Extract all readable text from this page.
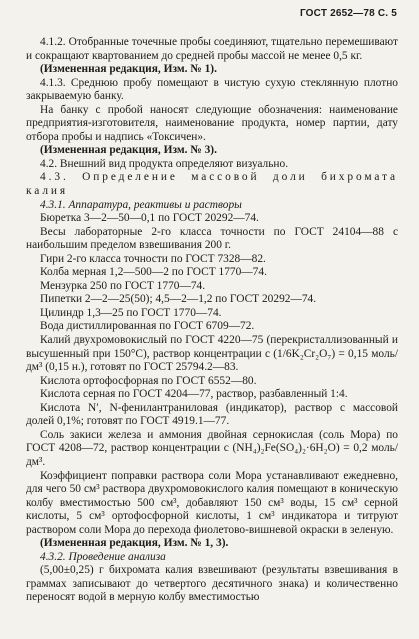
ГОСТ 2652—78 С. 5

4.1.2. Отобранные точечные пробы соединяют, тщательно перемешивают и сокращают квартованием до средней пробы массой не менее 0,5 кг.

(Измененная редакция, Изм. № 1).

4.1.3. Среднюю пробу помещают в чистую сухую стеклянную плотно закрываемую банку.

На банку с пробой наносят следующие обозначения: наименование предприятия-изготовителя, наименование продукта, номер партии, дату отбора пробы и надпись «Токсичен».

(Измененная редакция, Изм. № 3).

4.2. Внешний вид продукта определяют визуально.

4.3. Определение массовой доли бихромата калия

4.3.1. Аппаратура, реактивы и растворы

Бюретка 3—2—50—0,1 по ГОСТ 20292—74.

Весы лабораторные 2-го класса точности по ГОСТ 24104—88 с наибольшим пределом взвешивания 200 г.

Гири 2-го класса точности по ГОСТ 7328—82.

Колба мерная 1,2—500—2 по ГОСТ 1770—74.

Мензурка 250 по ГОСТ 1770—74.

Пипетки 2—2—25(50); 4,5—2—1,2 по ГОСТ 20292—74.

Цилиндр 1,3—25 по ГОСТ 1770—74.

Вода дистиллированная по ГОСТ 6709—72.

Калий двухромовокислый по ГОСТ 4220—75 (перекристаллизованный и высушенный при 150°С), раствор концентрации c (1/6K₂Cr₂O₇) = 0,15 моль/дм³ (0,15 н.), готовят по ГОСТ 25794.2—83.

Кислота ортофосфорная по ГОСТ 6552—80.

Кислота серная по ГОСТ 4204—77, раствор, разбавленный 1:4.

Кислота N′, N-фенилантраниловая (индикатор), раствор с массовой долей 0,1%; готовят по ГОСТ 4919.1—77.

Соль закиси железа и аммония двойная сернокислая (соль Мора) по ГОСТ 4208—72, раствор концентрации c (NH₄)₂Fe(SO₄)₂·6H₂O) = 0,2 моль/дм³.

Коэффициент поправки раствора соли Мора устанавливают ежедневно, для чего 50 см³ раствора двухромовокислого калия помещают в коническую колбу вместимостью 500 см³, добавляют 150 см³ воды, 15 см³ серной кислоты, 5 см³ ортофосфорной кислоты, 1 см³ индикатора и титруют раствором соли Мора до перехода фиолетово-вишневой окраски в зеленую.

(Измененная редакция, Изм. № 1, 3).

4.3.2. Проведение анализа

(5,00±0,25) г бихромата калия взвешивают (результаты взвешивания в граммах записывают до четвертого десятичного знака) и количественно переносят водой в мерную колбу вместимостью
